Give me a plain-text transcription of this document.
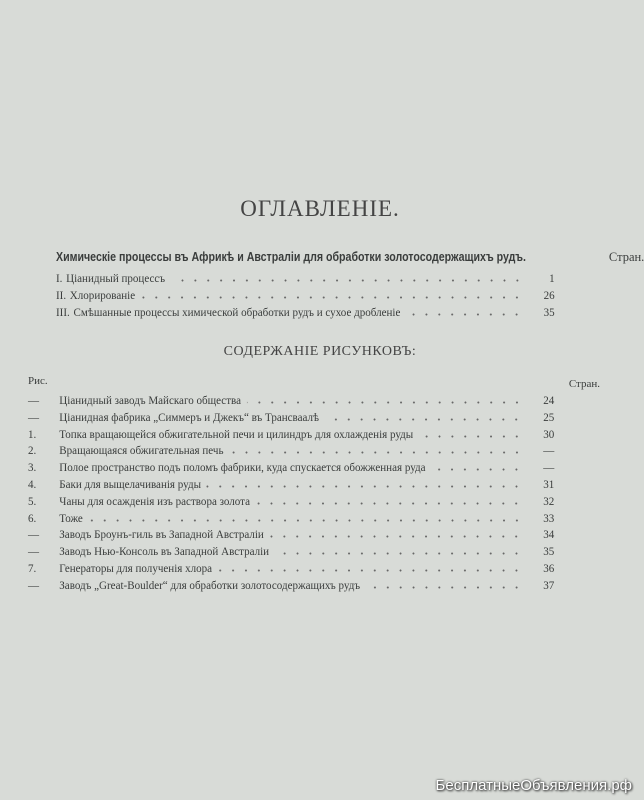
ОГЛАВЛЕНІЕ.
Химическіе процессы въ Африкѣ и Австраліи для обработки золотосодержащихъ рудъ.	Стран.
I. Ціанидный процессъ	1
II. Хлорированіе	26
III. Смѣшанные процессы химической обработки рудъ и сухое дробленіе	35
СОДЕРЖАНІЕ РИСУНКОВЪ:
Рис.	Стран.
—	Ціанидный заводъ Майскаго общества	24
—	Ціанидная фабрика „Симмеръ и Джекъ“ въ Трансваалѣ	25
1.	Топка вращающейся обжигательной печи и цилиндръ для охлажденія руды	30
2.	Вращающаяся обжигательная печь	—
3.	Полое пространство подъ поломъ фабрики, куда спускается обожженная руда	—
4.	Баки для выщелачиванія руды	31
5.	Чаны для осажденія изъ раствора золота	32
6.	Тоже	33
—	Заводъ Броунъ-гиль въ Западной Австраліи	34
—	Заводъ Нью-Консоль въ Западной Австраліи	35
7.	Генераторы для полученія хлора	36
—	Заводъ „Great-Boulder“ для обработки золотосодержащихъ рудъ	37
БесплатныеОбъявления.рф
